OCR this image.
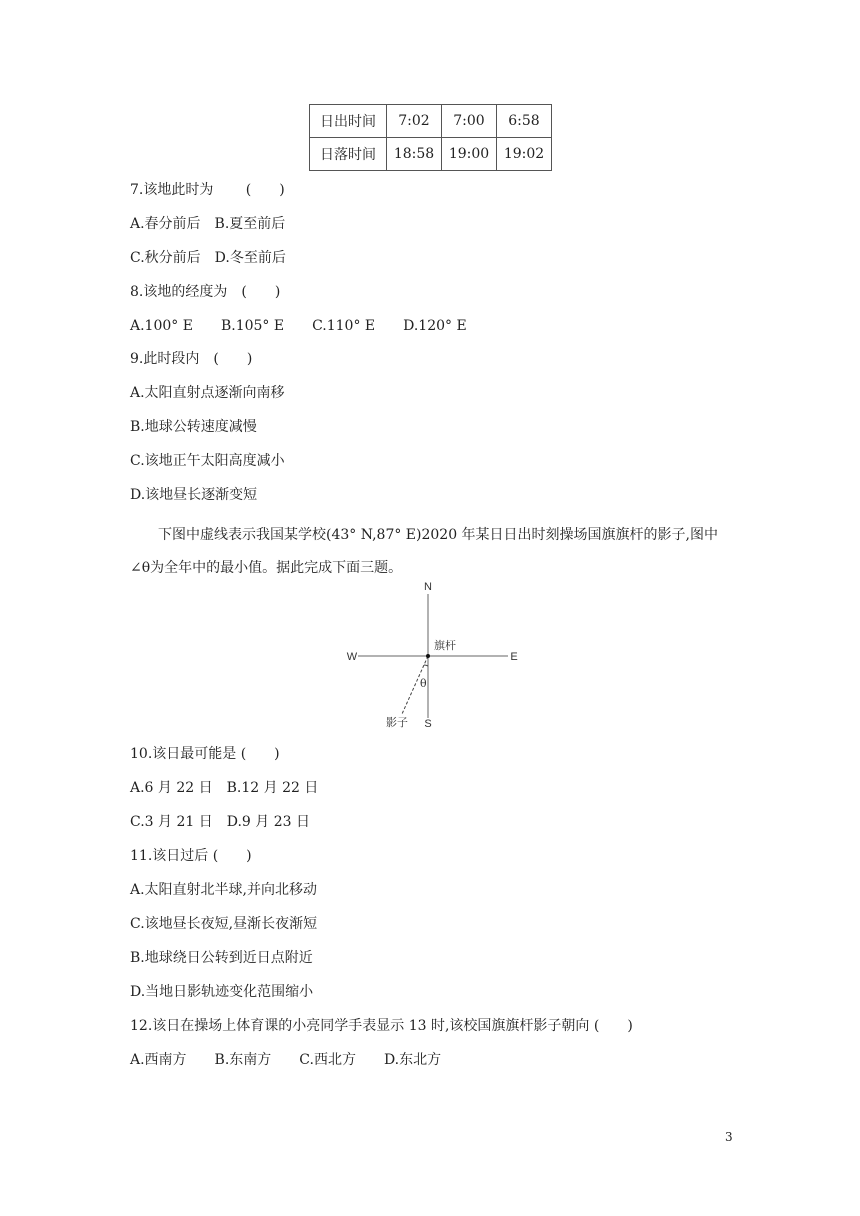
日出时间	7:02	7:00	6:58
日落时间	18:58	19:00	19:02
7.该地此时为　　 (　　)
A.春分前后　B.夏至前后
C.秋分前后　D.冬至前后
8.该地的经度为　(　　)
A.100° E　　B.105° E　　C.110° E　　D.120° E
9.此时段内　(　　)
A.太阳直射点逐渐向南移
B.地球公转速度减慢
C.该地正午太阳高度减小
D.该地昼长逐渐变短
下图中虚线表示我国某学校(43° N,87° E)2020 年某日日出时刻操场国旗旗杆的影子,图中∠θ为全年中的最小值。据此完成下面三题。
N
S
W	E
旗杆
θ
影子
10.该日最可能是 (　　)
A.6 月 22 日　B.12 月 22 日
C.3 月 21 日　D.9 月 23 日
11.该日过后 (　　)
A.太阳直射北半球,并向北移动
C.该地昼长夜短,昼渐长夜渐短
B.地球绕日公转到近日点附近
D.当地日影轨迹变化范围缩小
12.该日在操场上体育课的小亮同学手表显示 13 时,该校国旗旗杆影子朝向 (　　)
A.西南方　　B.东南方　　C.西北方　　D.东北方
3
